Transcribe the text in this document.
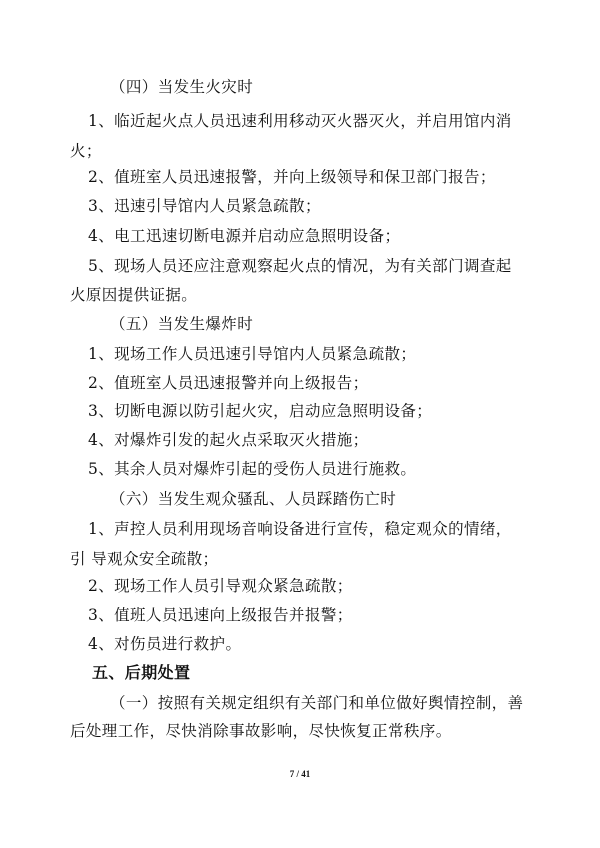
（四）当发生火灾时
1、临近起火点人员迅速利用移动灭火器灭火，并启用馆内消
火；
2、值班室人员迅速报警，并向上级领导和保卫部门报告；
3、迅速引导馆内人员紧急疏散；
4、电工迅速切断电源并启动应急照明设备；
5、现场人员还应注意观察起火点的情况，为有关部门调查起
火原因提供证据。
（五）当发生爆炸时
1、现场工作人员迅速引导馆内人员紧急疏散；
2、值班室人员迅速报警并向上级报告；
3、切断电源以防引起火灾，启动应急照明设备；
4、对爆炸引发的起火点采取灭火措施；
5、其余人员对爆炸引起的受伤人员进行施救。
（六）当发生观众骚乱、人员踩踏伤亡时
1、声控人员利用现场音响设备进行宣传，稳定观众的情绪，
引 导观众安全疏散；
2、现场工作人员引导观众紧急疏散；
3、值班人员迅速向上级报告并报警；
4、对伤员进行救护。
五、后期处置
（一）按照有关规定组织有关部门和单位做好舆情控制，善
后处理工作，尽快消除事故影响，尽快恢复正常秩序。
7 / 41
